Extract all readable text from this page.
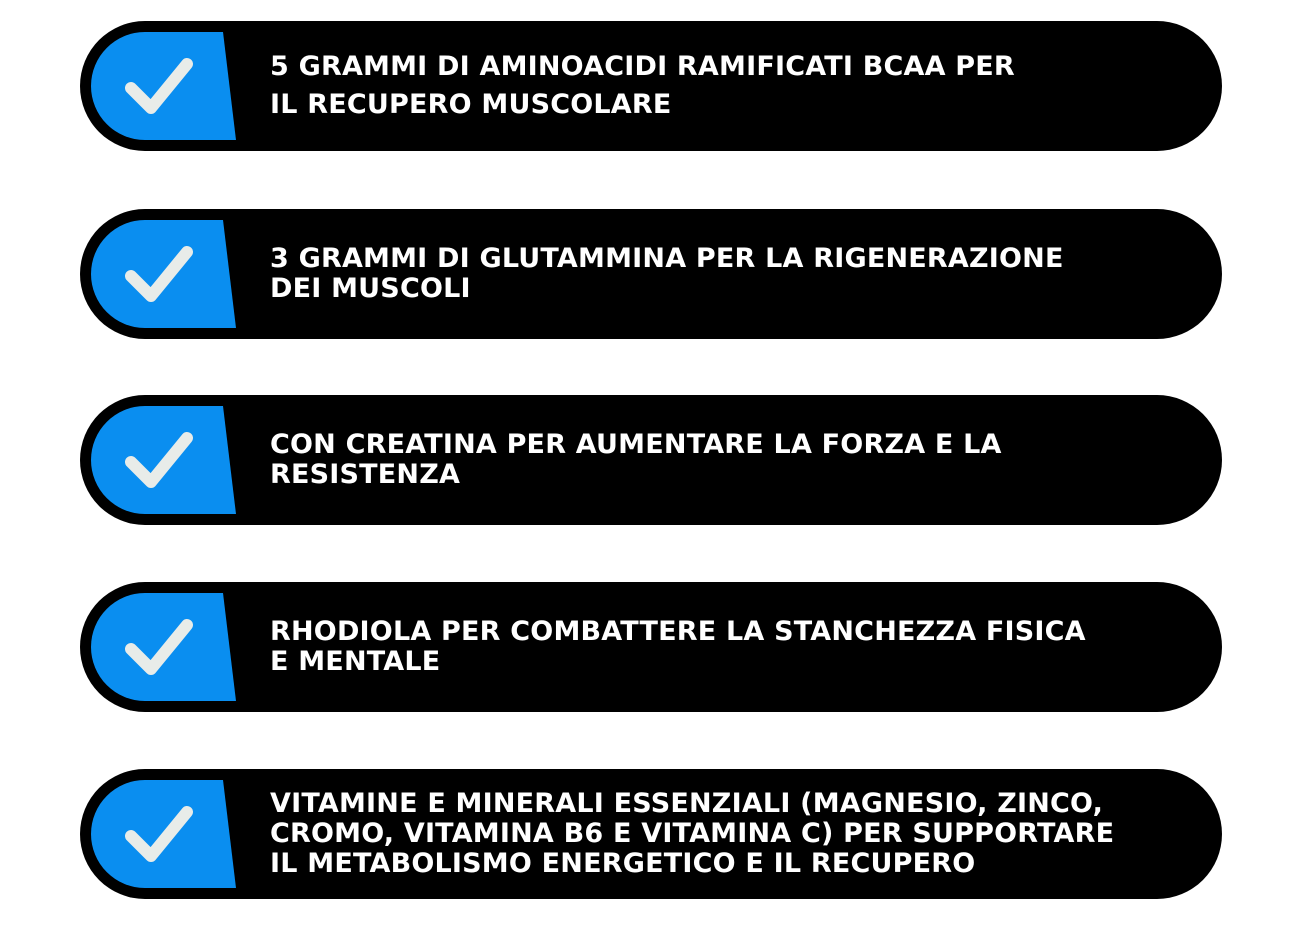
5 GRAMMI DI AMINOACIDI RAMIFICATI BCAA PER
IL RECUPERO MUSCOLARE
3 GRAMMI DI GLUTAMMINA PER LA RIGENERAZIONE
DEI MUSCOLI
CON CREATINA PER AUMENTARE LA FORZA E LA
RESISTENZA
RHODIOLA PER COMBATTERE LA STANCHEZZA FISICA
E MENTALE
VITAMINE E MINERALI ESSENZIALI (MAGNESIO, ZINCO,
CROMO, VITAMINA B6 E VITAMINA C) PER SUPPORTARE
IL METABOLISMO ENERGETICO E IL RECUPERO
